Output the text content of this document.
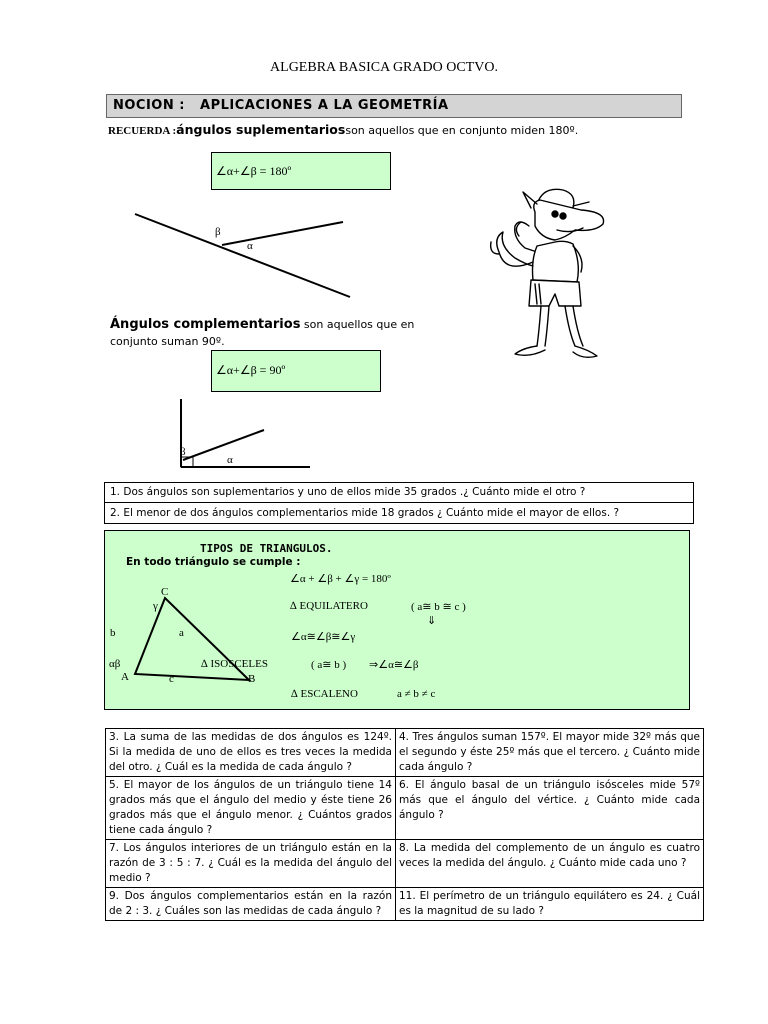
ALGEBRA BASICA GRADO OCTVO.
NOCION :   APLICACIONES A LA GEOMETRÍA
RECUERDA :ángulos suplementariosson aquellos que en conjunto miden 180º.
∠α+∠β = 180º
β
α
Ángulos complementarios son aquellos que en
conjunto suman 90º.
∠α+∠β = 90º
β
α
1. Dos ángulos son suplementarios y uno de ellos mide 35 grados .¿ Cuánto mide el otro ?
2. El menor de dos ángulos complementarios mide 18 grados ¿ Cuánto mide el mayor de ellos. ?
TIPOS DE TRIANGULOS.
En todo triángulo se cumple :
∠α + ∠β + ∠γ = 180º
∆ EQUILATERO	( a≅ b ≅ c )
⇓
∠α≅∠β≅∠γ
∆ ISOSCELES	( a≅ b ) ⇒∠α≅∠β
∆ ESCALENO	a ≠ b ≠ c
C
γ
b	a
αβ
A	c	B
3. La suma de las medidas de dos ángulos es 124º. Si la medida de uno de ellos es tres veces la medida del otro. ¿ Cuál es la medida de cada ángulo ?	4. Tres ángulos suman 157º. El mayor mide 32º más que el segundo y éste 25º más que el tercero. ¿ Cuánto mide cada ángulo ?
5. El mayor de los ángulos de un triángulo tiene 14 grados más que el ángulo del medio y éste tiene 26 grados más que el ángulo menor. ¿ Cuántos grados tiene cada ángulo ?	6. El ángulo basal de un triángulo isósceles mide 57º más que el ángulo del vértice. ¿ Cuánto mide cada ángulo ?
7. Los ángulos interiores de un triángulo están en la razón de 3 : 5 : 7. ¿ Cuál es la medida del ángulo del medio ?	8. La medida del complemento de un ángulo es cuatro veces la medida del ángulo. ¿ Cuánto mide cada uno ?
9. Dos ángulos complementarios están en la razón de 2 : 3. ¿ Cuáles son las medidas de cada ángulo ?	11. El perímetro de un triángulo equilátero es 24. ¿ Cuál es la magnitud de su lado ?
